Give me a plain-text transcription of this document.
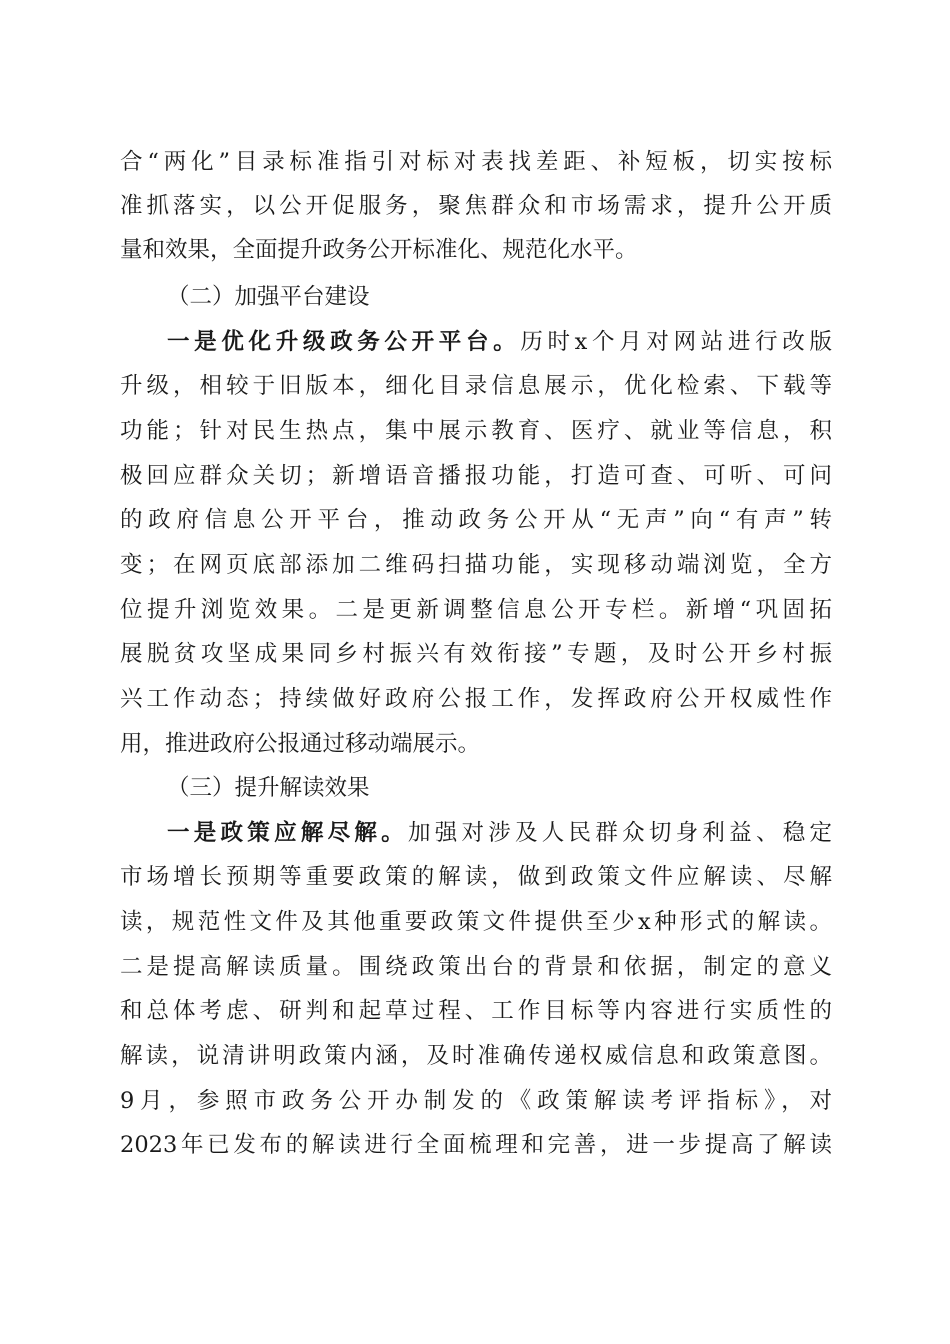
合“两化”目录标准指引对标对表找差距、补短板，切实按标
准抓落实，以公开促服务，聚焦群众和市场需求，提升公开质
量和效果，全面提升政务公开标准化、规范化水平。
（二）加强平台建设
一是优化升级政务公开平台。历时x个月对网站进行改版
升级，相较于旧版本，细化目录信息展示，优化检索、下载等
功能；针对民生热点，集中展示教育、医疗、就业等信息，积
极回应群众关切；新增语音播报功能，打造可查、可听、可问
的政府信息公开平台，推动政务公开从“无声”向“有声”转
变；在网页底部添加二维码扫描功能，实现移动端浏览，全方
位提升浏览效果。二是更新调整信息公开专栏。新增“巩固拓
展脱贫攻坚成果同乡村振兴有效衔接”专题，及时公开乡村振
兴工作动态；持续做好政府公报工作，发挥政府公开权威性作
用，推进政府公报通过移动端展示。
（三）提升解读效果
一是政策应解尽解。加强对涉及人民群众切身利益、稳定
市场增长预期等重要政策的解读，做到政策文件应解读、尽解
读，规范性文件及其他重要政策文件提供至少x种形式的解读。
二是提高解读质量。围绕政策出台的背景和依据，制定的意义
和总体考虑、研判和起草过程、工作目标等内容进行实质性的
解读，说清讲明政策内涵，及时准确传递权威信息和政策意图。
9月，参照市政务公开办制发的《政策解读考评指标》，对
2023年已发布的解读进行全面梳理和完善，进一步提高了解读
